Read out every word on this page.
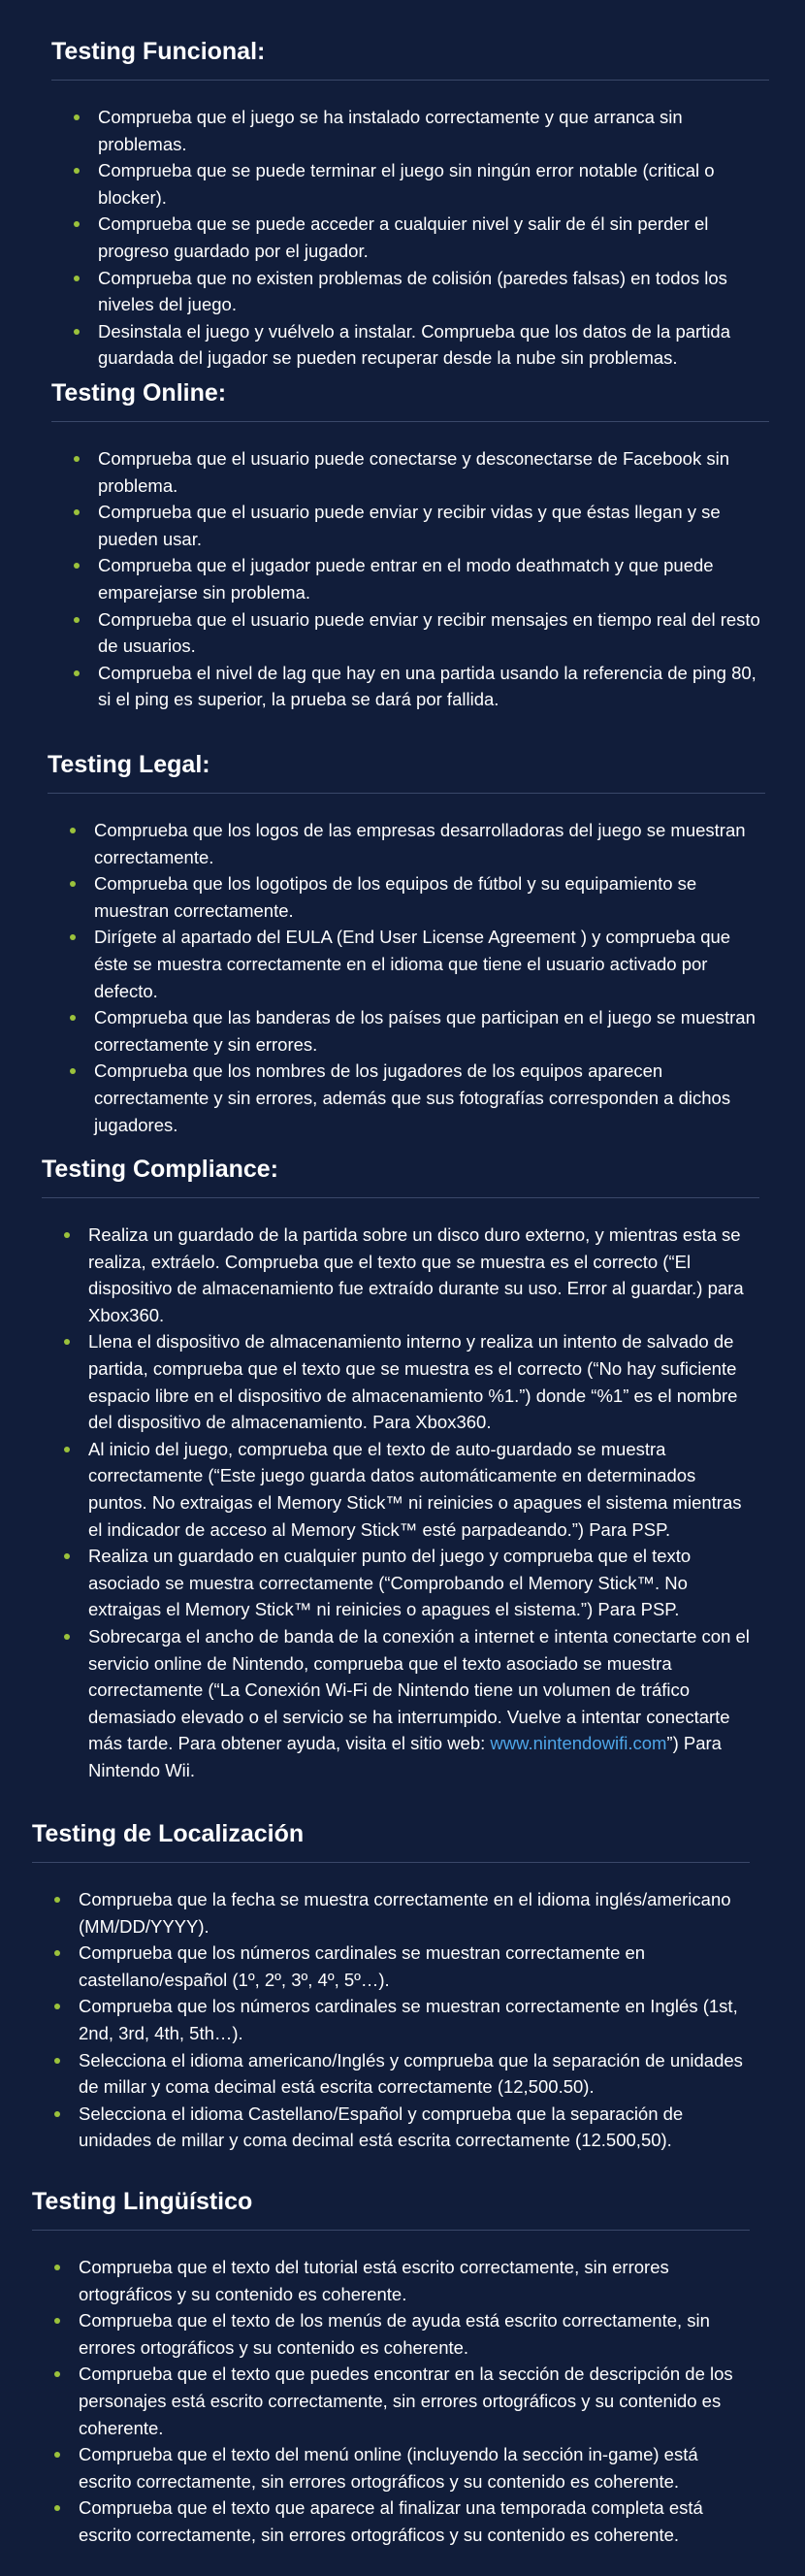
Testing Funcional:
Comprueba que el juego se ha instalado correctamente y que arranca sin problemas.
Comprueba que se puede terminar el juego sin ningún error notable (critical o blocker).
Comprueba que se puede acceder a cualquier nivel y salir de él sin perder el progreso guardado por el jugador.
Comprueba que no existen problemas de colisión (paredes falsas) en todos los niveles del juego.
Desinstala el juego y vuélvelo a instalar. Comprueba que los datos de la partida guardada del jugador se pueden recuperar desde la nube sin problemas.
Testing Online:
Comprueba que el usuario puede conectarse y desconectarse de Facebook sin problema.
Comprueba que el usuario puede enviar y recibir vidas y que éstas llegan y se pueden usar.
Comprueba que el jugador puede entrar en el modo deathmatch y que puede emparejarse sin problema.
Comprueba que el usuario puede enviar y recibir mensajes en tiempo real del resto de usuarios.
Comprueba el nivel de lag que hay en una partida usando la referencia de ping 80, si el ping es superior, la prueba se dará por fallida.
Testing Legal:
Comprueba que los logos de las empresas desarrolladoras del juego se muestran correctamente.
Comprueba que los logotipos de los equipos de fútbol y su equipamiento se muestran correctamente.
Dirígete al apartado del EULA (End User License Agreement ) y comprueba que éste se muestra correctamente en el idioma que tiene el usuario activado por defecto.
Comprueba que las banderas de los países que participan en el juego se muestran correctamente y sin errores.
Comprueba que los nombres de los jugadores de los equipos aparecen correctamente y sin errores, además que sus fotografías corresponden a dichos jugadores.
Testing Compliance:
Realiza un guardado de la partida sobre un disco duro externo, y mientras esta se realiza, extráelo. Comprueba que el texto que se muestra es el correcto (“El dispositivo de almacenamiento fue extraído durante su uso. Error al guardar.) para Xbox360.
Llena el dispositivo de almacenamiento interno y realiza un intento de salvado de partida, comprueba que el texto que se muestra es el correcto (“No hay suficiente espacio libre en el dispositivo de almacenamiento %1.”) donde “%1” es el nombre del dispositivo de almacenamiento. Para Xbox360.
Al inicio del juego, comprueba que el texto de auto-guardado se muestra correctamente (“Este juego guarda datos automáticamente en determinados puntos. No extraigas el Memory Stick™ ni reinicies o apagues el sistema mientras el indicador de acceso al Memory Stick™ esté parpadeando.”) Para PSP.
Realiza un guardado en cualquier punto del juego y comprueba que el texto asociado se muestra correctamente (“Comprobando el Memory Stick™. No extraigas el Memory Stick™ ni reinicies o apagues el sistema.”) Para PSP.
Sobrecarga el ancho de banda de la conexión a internet e intenta conectarte con el servicio online de Nintendo, comprueba que el texto asociado se muestra correctamente (“La Conexión Wi-Fi de Nintendo tiene un volumen de tráfico demasiado elevado o el servicio se ha interrumpido. Vuelve a intentar conectarte más tarde. Para obtener ayuda, visita el sitio web: www.nintendowifi.com”) Para Nintendo Wii.
Testing de Localización
Comprueba que la fecha se muestra correctamente en el idioma inglés/americano (MM/DD/YYYY).
Comprueba que los números cardinales se muestran correctamente en castellano/español (1º, 2º, 3º, 4º, 5º…).
Comprueba que los números cardinales se muestran correctamente en Inglés (1st, 2nd, 3rd, 4th, 5th…).
Selecciona el idioma americano/Inglés y comprueba que la separación de unidades de millar y coma decimal está escrita correctamente (12,500.50).
Selecciona el idioma Castellano/Español y comprueba que la separación de unidades de millar y coma decimal está escrita correctamente (12.500,50).
Testing Lingüístico
Comprueba que el texto del tutorial está escrito correctamente, sin errores ortográficos y su contenido es coherente.
Comprueba que el texto de los menús de ayuda está escrito correctamente, sin errores ortográficos y su contenido es coherente.
Comprueba que el texto que puedes encontrar en la sección de descripción de los personajes está escrito correctamente, sin errores ortográficos y su contenido es coherente.
Comprueba que el texto del menú online (incluyendo la sección in-game) está escrito correctamente, sin errores ortográficos y su contenido es coherente.
Comprueba que el texto que aparece al finalizar una temporada completa está escrito correctamente, sin errores ortográficos y su contenido es coherente.
